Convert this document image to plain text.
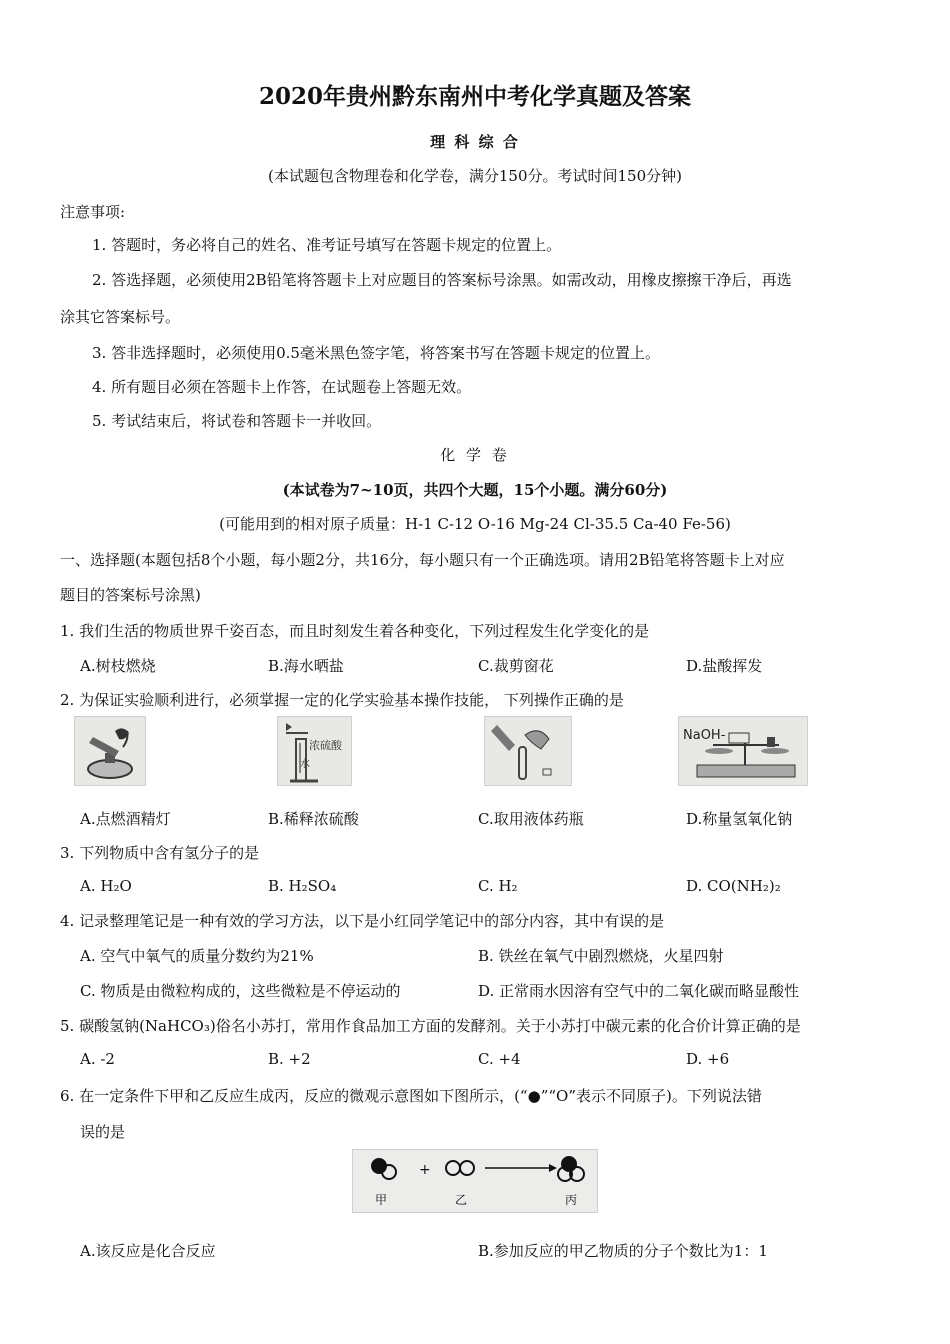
2020年贵州黔东南州中考化学真题及答案
理 科 综 合
(本试题包含物理卷和化学卷，满分150分。考试时间150分钟)
注意事项:
1. 答题时，务必将自己的姓名、准考证号填写在答题卡规定的位置上。
2. 答选择题，必须使用2B铅笔将答题卡上对应题目的答案标号涂黑。如需改动，用橡皮擦擦干净后，再选
涂其它答案标号。
3. 答非选择题时，必须使用0.5毫米黑色签字笔，将答案书写在答题卡规定的位置上。
4. 所有题目必须在答题卡上作答，在试题卷上答题无效。
5. 考试结束后，将试卷和答题卡一并收回。
化 学 卷
(本试卷为7~10页，共四个大题，15个小题。满分60分)
(可能用到的相对原子质量：H-1 C-12 O-16 Mg-24 Cl-35.5 Ca-40 Fe-56)
一、选择题(本题包括8个小题，每小题2分，共16分，每小题只有一个正确选项。请用2B铅笔将答题卡上对应
题目的答案标号涂黑)
1. 我们生活的物质世界千姿百态，而且时刻发生着各种变化，下列过程发生化学变化的是
A.树枝燃烧	B.海水晒盐	C.裁剪窗花	D.盐酸挥发
2. 为保证实验顺利进行，必须掌握一定的化学实验基本操作技能， 下列操作正确的是
浓硫酸
水
NaOH-
A.点燃酒精灯	B.稀释浓硫酸	C.取用液体药瓶	D.称量氢氧化钠
3. 下列物质中含有氢分子的是
A. H₂O	B. H₂SO₄	C. H₂	D. CO(NH₂)₂
4. 记录整理笔记是一种有效的学习方法，以下是小红同学笔记中的部分内容，其中有误的是
A. 空气中氧气的质量分数约为21%	B. 铁丝在氧气中剧烈燃烧，火星四射
C. 物质是由微粒构成的，这些微粒是不停运动的	D. 正常雨水因溶有空气中的二氧化碳而略显酸性
5. 碳酸氢钠(NaHCO₃)俗名小苏打，常用作食品加工方面的发酵剂。关于小苏打中碳元素的化合价计算正确的是
A. -2	B. +2	C. +4	D. +6
6. 在一定条件下甲和乙反应生成丙，反应的微观示意图如下图所示，(“●”“O”表示不同原子)。下列说法错
误的是
+
甲	乙	丙
A.该反应是化合反应	B.参加反应的甲乙物质的分子个数比为1：1
